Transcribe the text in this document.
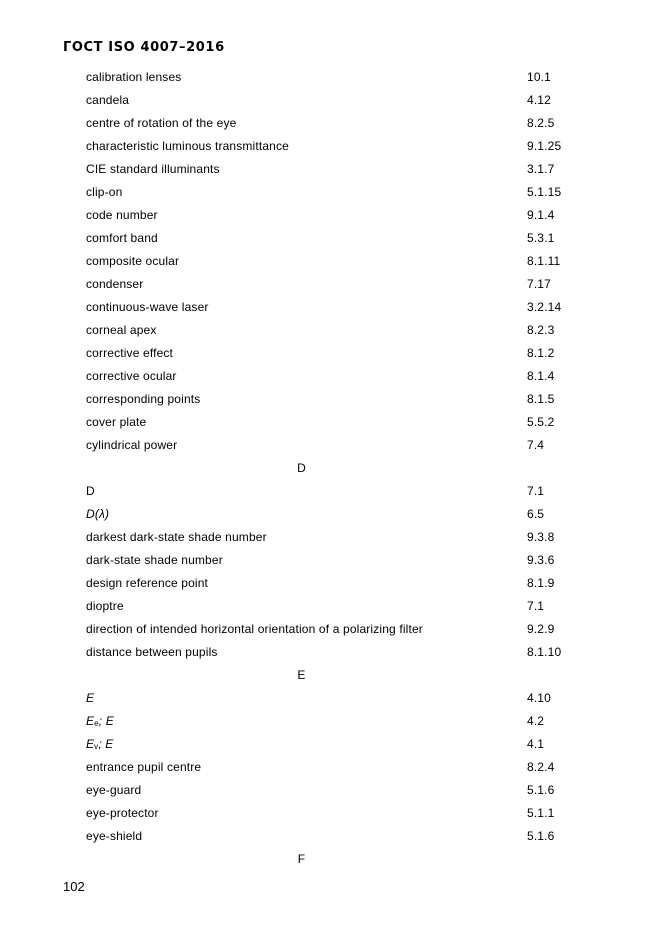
ГОСТ ISO 4007–2016
calibration lenses	10.1
candela	4.12
centre of rotation of the eye	8.2.5
characteristic luminous transmittance	9.1.25
CIE standard illuminants	3.1.7
clip-on	5.1.15
code number	9.1.4
comfort band	5.3.1
composite ocular	8.1.11
condenser	7.17
continuous-wave laser	3.2.14
corneal apex	8.2.3
corrective effect	8.1.2
corrective ocular	8.1.4
corresponding points	8.1.5
cover plate	5.5.2
cylindrical power	7.4
D
D	7.1
D(λ)	6.5
darkest dark-state shade number	9.3.8
dark-state shade number	9.3.6
design reference point	8.1.9
dioptre	7.1
direction of intended horizontal orientation of a polarizing filter	9.2.9
distance between pupils	8.1.10
E
E	4.10
Ee; E	4.2
Ev; E	4.1
entrance pupil centre	8.2.4
eye-guard	5.1.6
eye-protector	5.1.1
eye-shield	5.1.6
F
102
